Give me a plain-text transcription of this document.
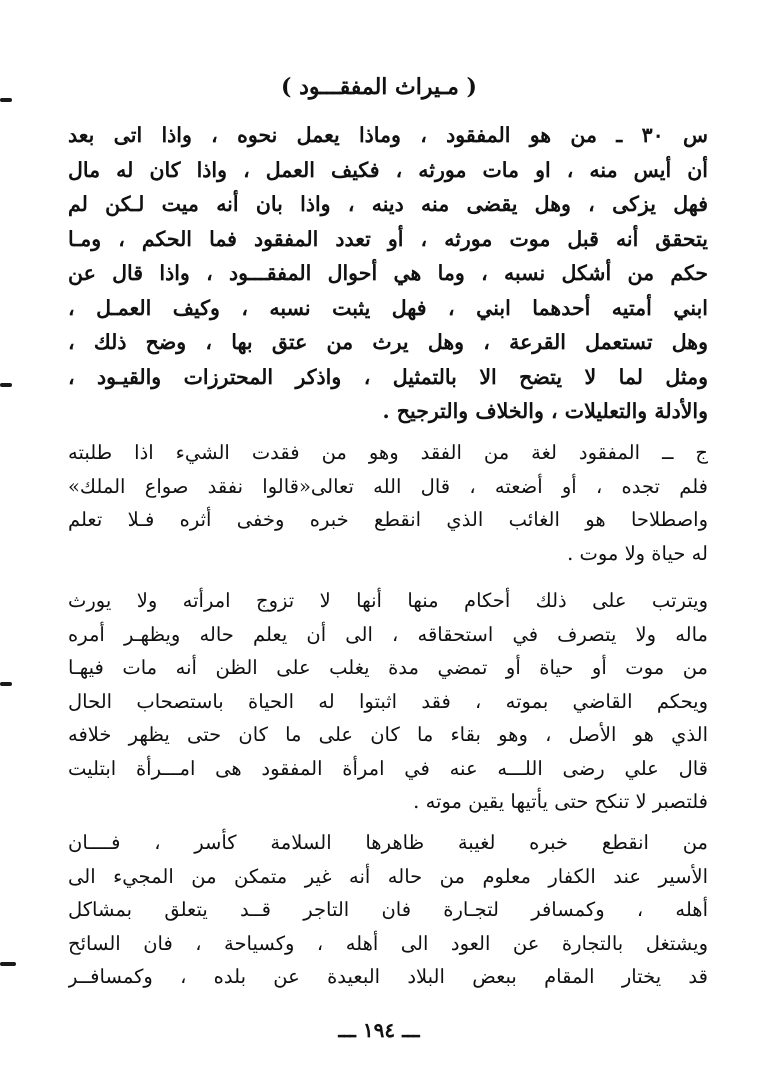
( مـيراث المفقـــود )
س ٣٠ ـ من هو المفقود ، وماذا يعمل نحوه ، واذا اتى بعد
أن أيس منه ، او مات مورثه ، فكيف العمل ، واذا كان له مال
فهل يزكى ، وهل يقضى منه دينه ، واذا بان أنه ميت لـكن لم
يتحقق أنه قبل موت مورثه ، أو تعدد المفقود فما الحكم ، ومـا
حكم من أشكل نسبه ، وما هي أحوال المفقـــود ، واذا قال عن
ابني أمتيه أحدهما ابني ، فهل يثبت نسبه ، وكيف العمـل ،
وهل تستعمل القرعة ، وهل يرث من عتق بها ، وضح ذلك ،
ومثل لما لا يتضح الا بالتمثيل ، واذكر المحترزات والقيـود ،
والأدلة والتعليلات ، والخلاف والترجيح .
ج ــ المفقود لغة من الفقد وهو من فقدت الشيء اذا طلبته
فلم تجده ، أو أضعته ، قال الله تعالى«قالوا نفقد صواع الملك»
واصطلاحا هو الغائب الذي انقطع خبره وخفى أثره فـلا تعلم
له حياة ولا موت .
ويترتب على ذلك أحكام منها أنها لا تزوج امرأته ولا يورث
ماله ولا يتصرف في استحقاقه ، الى أن يعلم حاله ويظهـر أمره
من موت أو حياة أو تمضي مدة يغلب على الظن أنه مات فيهـا
ويحكم القاضي بموته ، فقد اثبتوا له الحياة باستصحاب الحال
الذي هو الأصل ، وهو بقاء ما كان على ما كان حتى يظهر خلافه
قال علي رضى اللـــه عنه في امرأة المفقود هى امـــرأة ابتليت
فلتصبر لا تنكح حتى يأتيها يقين موته .
من انقطع خبره لغيبة ظاهرها السلامة كأسر ، فــــان
الأسير عند الكفار معلوم من حاله أنه غير متمكن من المجيء الى
أهله ، وكمسافر لتجـارة فان التاجر قــد يتعلق بمشاكل
ويشتغل بالتجارة عن العود الى أهله ، وكسياحة ، فان السائح
قد يختار المقام ببعض البلاد البعيدة عن بلده ، وكمسافــر
ـــ ١٩٤ ـــ
